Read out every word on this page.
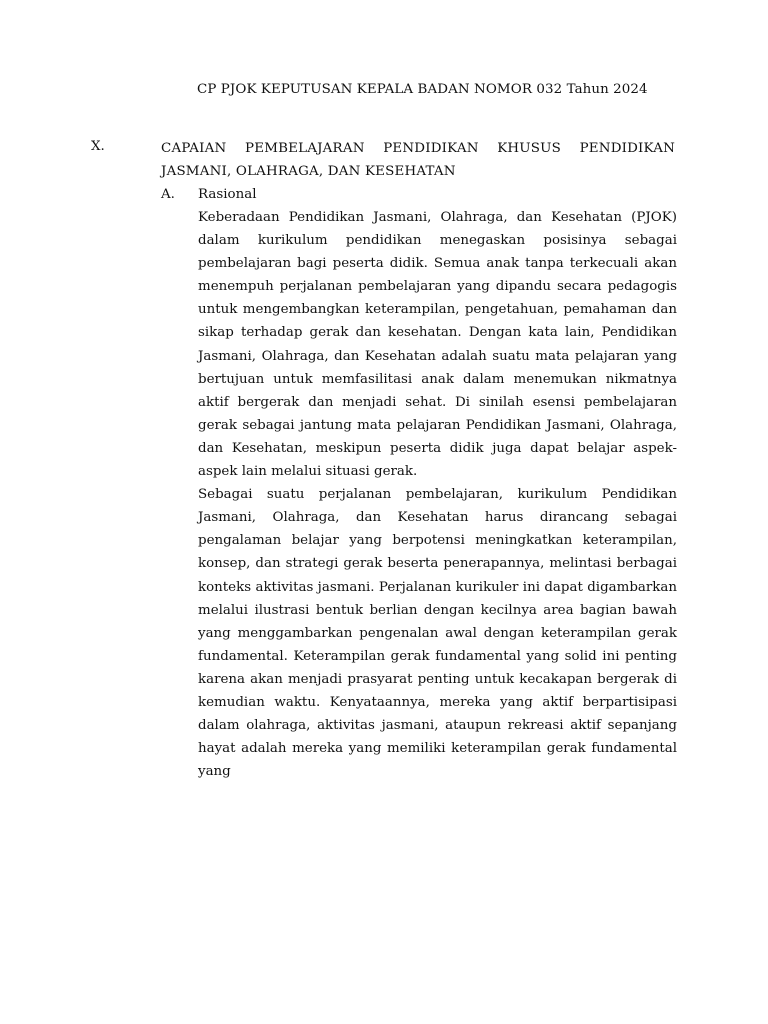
CP PJOK KEPUTUSAN KEPALA BADAN NOMOR 032 Tahun 2024
X.	CAPAIAN PEMBELAJARAN PENDIDIKAN KHUSUS PENDIDIKAN JASMANI, OLAHRAGA, DAN KESEHATAN
A. Rasional

Keberadaan Pendidikan Jasmani, Olahraga, dan Kesehatan (PJOK) dalam kurikulum pendidikan menegaskan posisinya sebagai pembelajaran bagi peserta didik. Semua anak tanpa terkecuali akan menempuh perjalanan pembelajaran yang dipandu secara pedagogis untuk mengembangkan keterampilan, pengetahuan, pemahaman dan sikap terhadap gerak dan kesehatan. Dengan kata lain, Pendidikan Jasmani, Olahraga, dan Kesehatan adalah suatu mata pelajaran yang bertujuan untuk memfasilitasi anak dalam menemukan nikmatnya aktif bergerak dan menjadi sehat. Di sinilah esensi pembelajaran gerak sebagai jantung mata pelajaran Pendidikan Jasmani, Olahraga, dan Kesehatan, meskipun peserta didik juga dapat belajar aspek-aspek lain melalui situasi gerak.

Sebagai suatu perjalanan pembelajaran, kurikulum Pendidikan Jasmani, Olahraga, dan Kesehatan harus dirancang sebagai pengalaman belajar yang berpotensi meningkatkan keterampilan, konsep, dan strategi gerak beserta penerapannya, melintasi berbagai konteks aktivitas jasmani. Perjalanan kurikuler ini dapat digambarkan melalui ilustrasi bentuk berlian dengan kecilnya area bagian bawah yang menggambarkan pengenalan awal dengan keterampilan gerak fundamental. Keterampilan gerak fundamental yang solid ini penting karena akan menjadi prasyarat penting untuk kecakapan bergerak di kemudian waktu. Kenyataannya, mereka yang aktif berpartisipasi dalam olahraga, aktivitas jasmani, ataupun rekreasi aktif sepanjang hayat adalah mereka yang memiliki keterampilan gerak fundamental yang
